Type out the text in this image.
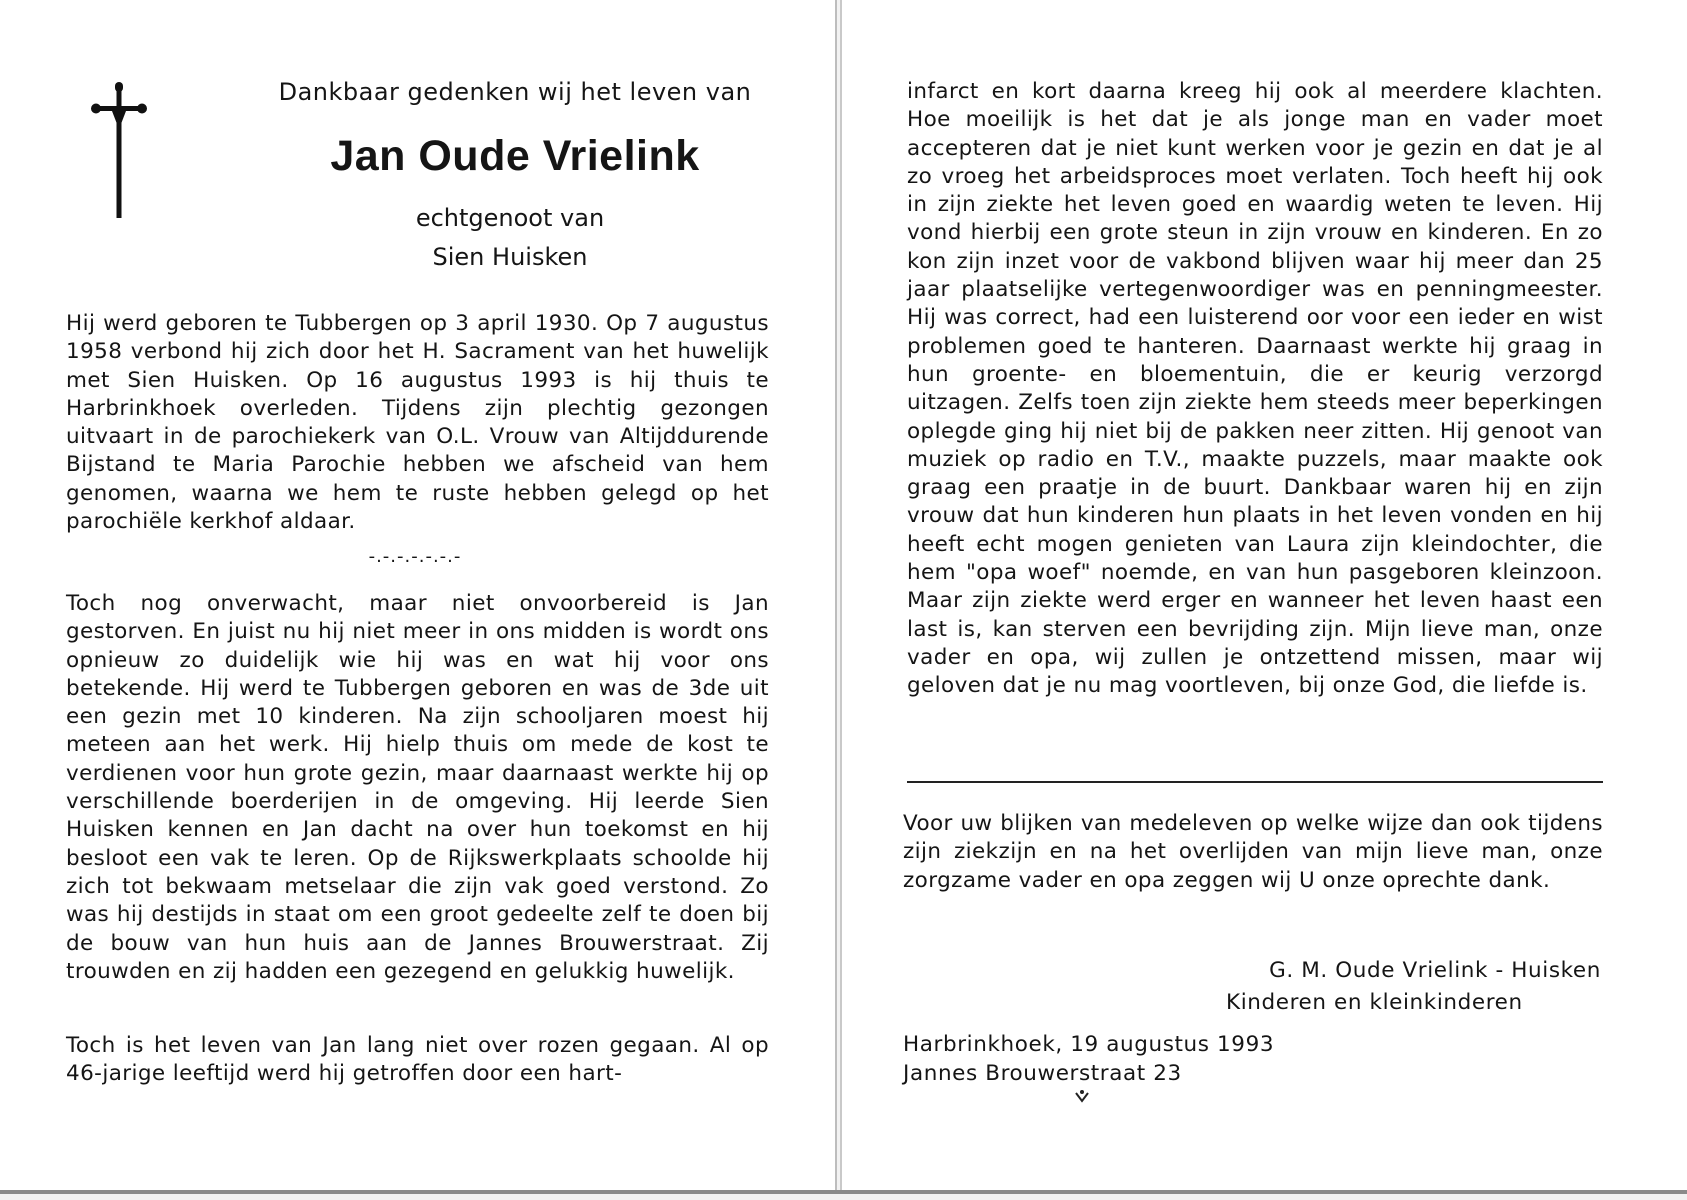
Dankbaar gedenken wij het leven van
Jan Oude Vrielink
echtgenoot van
Sien Huisken

Hij werd geboren te Tubbergen op 3 april 1930. Op 7 augustus 1958 verbond hij zich door het H. Sacrament van het huwelijk met Sien Huisken. Op 16 augustus 1993 is hij thuis te Harbrinkhoek overleden. Tijdens zijn plechtig gezongen uitvaart in de parochiekerk van O.L. Vrouw van Altijddurende Bijstand te Maria Parochie hebben we afscheid van hem genomen, waarna we hem te ruste hebben gelegd op het parochiële kerkhof aldaar.

-.-.-.-.-.-.-

Toch nog onverwacht, maar niet onvoorbereid is Jan gestorven. En juist nu hij niet meer in ons midden is wordt ons opnieuw zo duidelijk wie hij was en wat hij voor ons betekende. Hij werd te Tubbergen geboren en was de 3de uit een gezin met 10 kinderen. Na zijn schooljaren moest hij meteen aan het werk. Hij hielp thuis om mede de kost te verdienen voor hun grote gezin, maar daarnaast werkte hij op verschillende boerderijen in de omgeving. Hij leerde Sien Huisken kennen en Jan dacht na over hun toekomst en hij besloot een vak te leren. Op de Rijkswerkplaats schoolde hij zich tot bekwaam metselaar die zijn vak goed verstond. Zo was hij destijds in staat om een groot gedeelte zelf te doen bij de bouw van hun huis aan de Jannes Brouwerstraat. Zij trouwden en zij hadden een gezegend en gelukkig huwelijk.

Toch is het leven van Jan lang niet over rozen gegaan. Al op 46-jarige leeftijd werd hij getroffen door een hart-

infarct en kort daarna kreeg hij ook al meerdere klachten. Hoe moeilijk is het dat je als jonge man en vader moet accepteren dat je niet kunt werken voor je gezin en dat je al zo vroeg het arbeidsproces moet verlaten. Toch heeft hij ook in zijn ziekte het leven goed en waardig weten te leven. Hij vond hierbij een grote steun in zijn vrouw en kinderen. En zo kon zijn inzet voor de vakbond blijven waar hij meer dan 25 jaar plaatselijke vertegenwoordiger was en penningmeester. Hij was correct, had een luisterend oor voor een ieder en wist problemen goed te hanteren. Daarnaast werkte hij graag in hun groente- en bloementuin, die er keurig verzorgd uitzagen. Zelfs toen zijn ziekte hem steeds meer beperkingen oplegde ging hij niet bij de pakken neer zitten. Hij genoot van muziek op radio en T.V., maakte puzzels, maar maakte ook graag een praatje in de buurt. Dankbaar waren hij en zijn vrouw dat hun kinderen hun plaats in het leven vonden en hij heeft echt mogen genieten van Laura zijn kleindochter, die hem "opa woef" noemde, en van hun pasgeboren kleinzoon. Maar zijn ziekte werd erger en wanneer het leven haast een last is, kan sterven een bevrijding zijn. Mijn lieve man, onze vader en opa, wij zullen je ontzettend missen, maar wij geloven dat je nu mag voortleven, bij onze God, die liefde is.

Voor uw blijken van medeleven op welke wijze dan ook tijdens zijn ziekzijn en na het overlijden van mijn lieve man, onze zorgzame vader en opa zeggen wij U onze oprechte dank.

G. M. Oude Vrielink - Huisken
Kinderen en kleinkinderen
Harbrinkhoek, 19 augustus 1993
Jannes Brouwerstraat 23
